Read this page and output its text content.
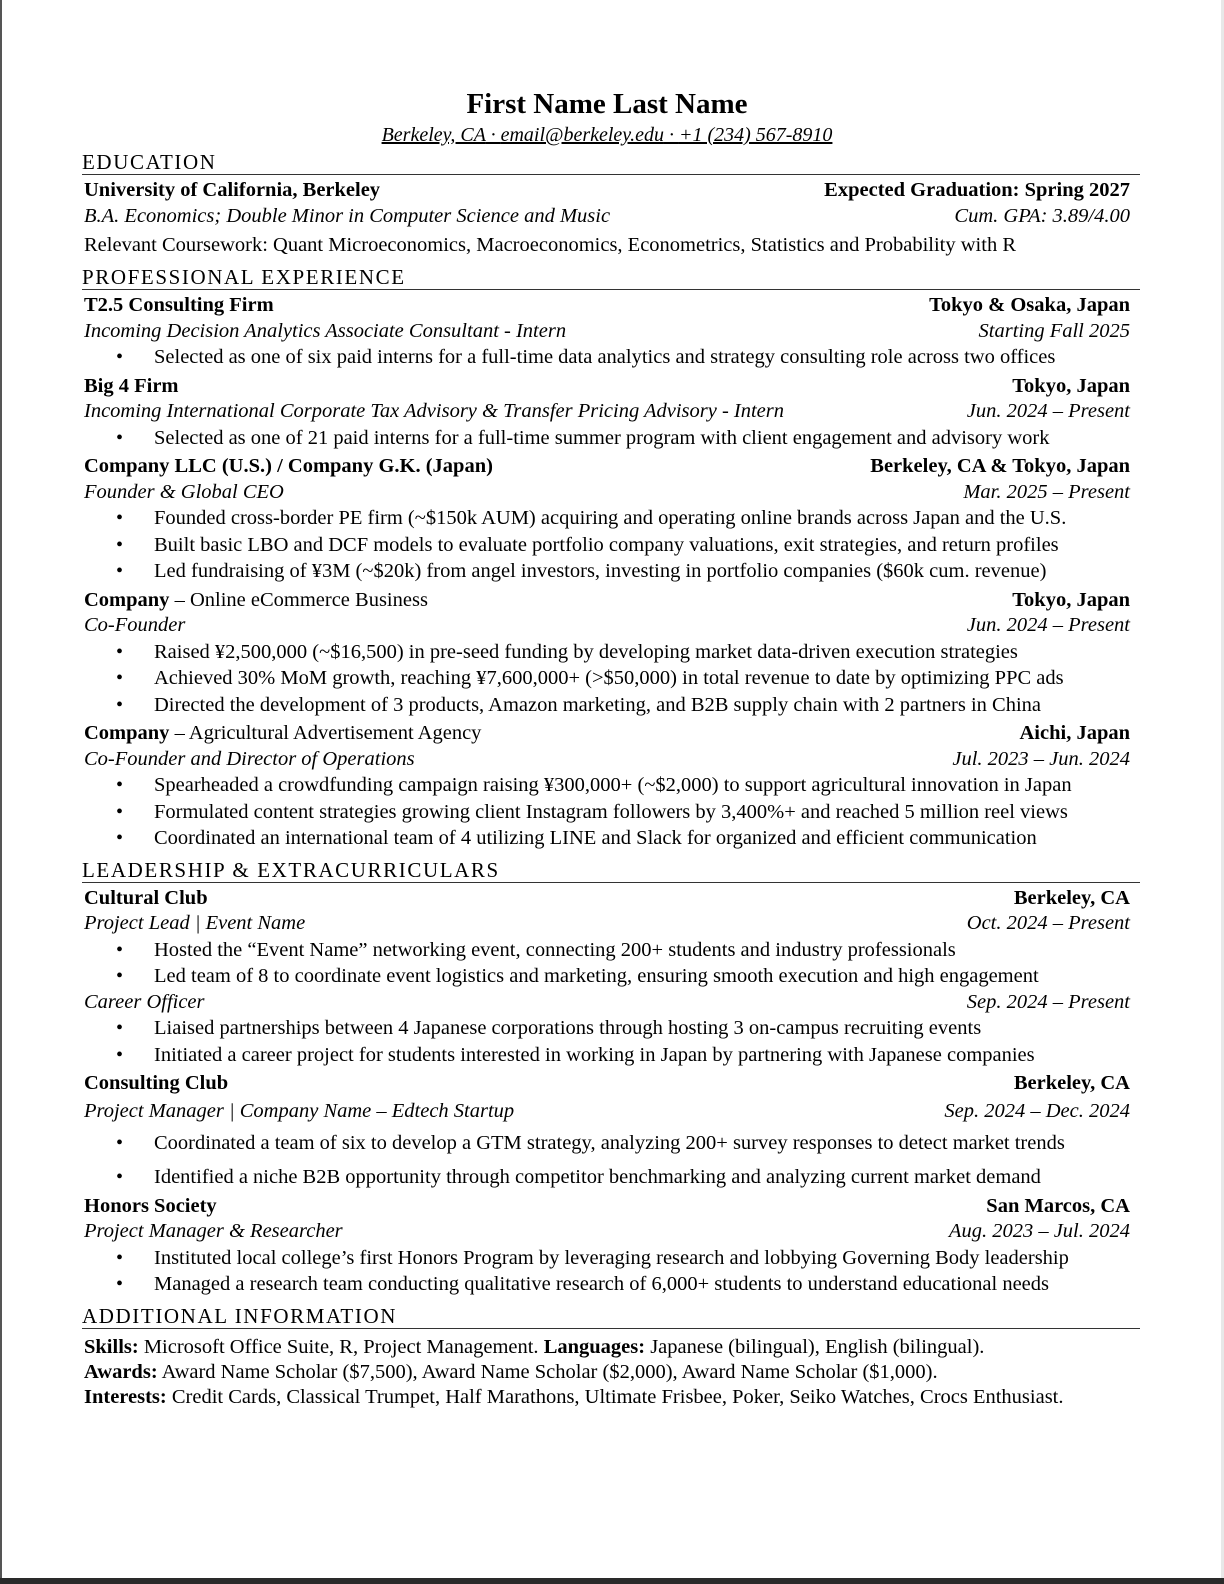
First Name Last Name
Berkeley, CA · email@berkeley.edu · +1 (234) 567-8910
EDUCATION
University of California, Berkeley	Expected Graduation: Spring 2027
B.A. Economics; Double Minor in Computer Science and Music	Cum. GPA: 3.89/4.00
Relevant Coursework: Quant Microeconomics, Macroeconomics, Econometrics, Statistics and Probability with R
PROFESSIONAL EXPERIENCE
T2.5 Consulting Firm	Tokyo & Osaka, Japan
Incoming Decision Analytics Associate Consultant - Intern	Starting Fall 2025
• Selected as one of six paid interns for a full-time data analytics and strategy consulting role across two offices
Big 4 Firm	Tokyo, Japan
Incoming International Corporate Tax Advisory & Transfer Pricing Advisory - Intern	Jun. 2024 – Present
• Selected as one of 21 paid interns for a full-time summer program with client engagement and advisory work
Company LLC (U.S.) / Company G.K. (Japan)	Berkeley, CA & Tokyo, Japan
Founder & Global CEO	Mar. 2025 – Present
• Founded cross-border PE firm (~$150k AUM) acquiring and operating online brands across Japan and the U.S.
• Built basic LBO and DCF models to evaluate portfolio company valuations, exit strategies, and return profiles
• Led fundraising of ¥3M (~$20k) from angel investors, investing in portfolio companies ($60k cum. revenue)
Company – Online eCommerce Business	Tokyo, Japan
Co-Founder	Jun. 2024 – Present
• Raised ¥2,500,000 (~$16,500) in pre-seed funding by developing market data-driven execution strategies
• Achieved 30% MoM growth, reaching ¥7,600,000+ (>$50,000) in total revenue to date by optimizing PPC ads
• Directed the development of 3 products, Amazon marketing, and B2B supply chain with 2 partners in China
Company – Agricultural Advertisement Agency	Aichi, Japan
Co-Founder and Director of Operations	Jul. 2023 – Jun. 2024
• Spearheaded a crowdfunding campaign raising ¥300,000+ (~$2,000) to support agricultural innovation in Japan
• Formulated content strategies growing client Instagram followers by 3,400%+ and reached 5 million reel views
• Coordinated an international team of 4 utilizing LINE and Slack for organized and efficient communication
LEADERSHIP & EXTRACURRICULARS
Cultural Club	Berkeley, CA
Project Lead | Event Name	Oct. 2024 – Present
• Hosted the “Event Name” networking event, connecting 200+ students and industry professionals
• Led team of 8 to coordinate event logistics and marketing, ensuring smooth execution and high engagement
Career Officer	Sep. 2024 – Present
• Liaised partnerships between 4 Japanese corporations through hosting 3 on-campus recruiting events
• Initiated a career project for students interested in working in Japan by partnering with Japanese companies
Consulting Club	Berkeley, CA
Project Manager | Company Name – Edtech Startup	Sep. 2024 – Dec. 2024
• Coordinated a team of six to develop a GTM strategy, analyzing 200+ survey responses to detect market trends
• Identified a niche B2B opportunity through competitor benchmarking and analyzing current market demand
Honors Society	San Marcos, CA
Project Manager & Researcher	Aug. 2023 – Jul. 2024
• Instituted local college’s first Honors Program by leveraging research and lobbying Governing Body leadership
• Managed a research team conducting qualitative research of 6,000+ students to understand educational needs
ADDITIONAL INFORMATION
Skills: Microsoft Office Suite, R, Project Management. Languages: Japanese (bilingual), English (bilingual).
Awards: Award Name Scholar ($7,500), Award Name Scholar ($2,000), Award Name Scholar ($1,000).
Interests: Credit Cards, Classical Trumpet, Half Marathons, Ultimate Frisbee, Poker, Seiko Watches, Crocs Enthusiast.
